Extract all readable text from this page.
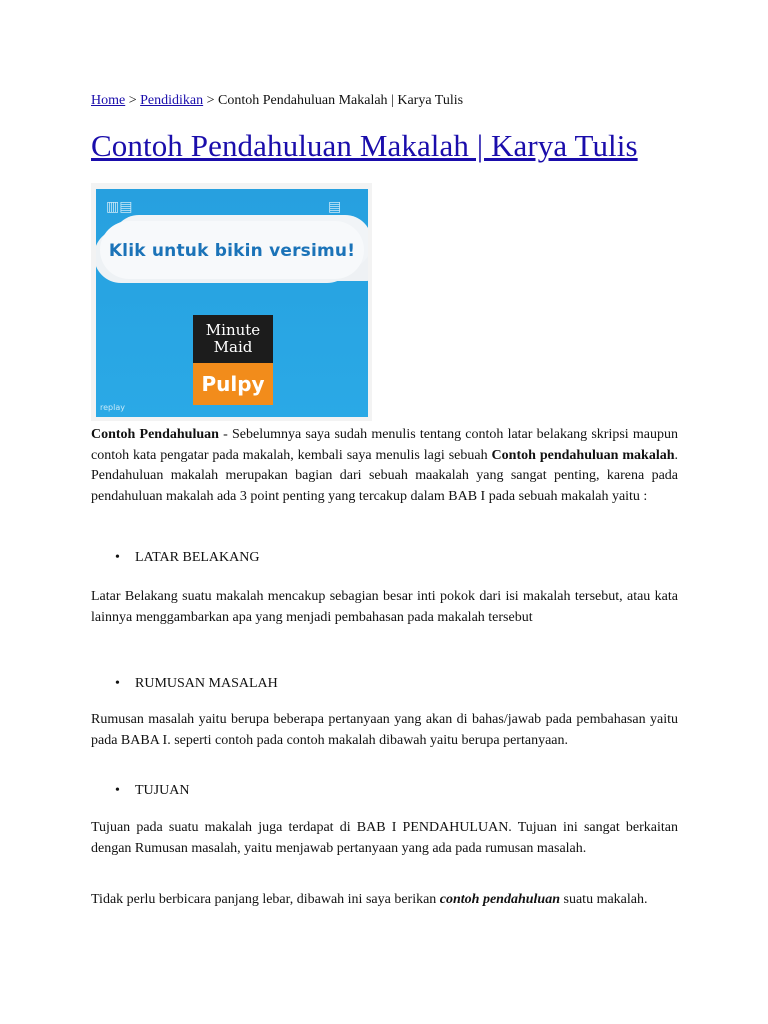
Home > Pendidikan > Contoh Pendahuluan Makalah | Karya Tulis
Contoh Pendahuluan Makalah | Karya Tulis
▥▤	▤
Klik untuk bikin versimu!
Minute
Maid
Pulpy
replay

Contoh Pendahuluan - Sebelumnya saya sudah menulis tentang contoh latar belakang skripsi maupun contoh kata pengatar pada makalah, kembali saya menulis lagi sebuah Contoh pendahuluan makalah. Pendahuluan makalah merupakan bagian dari sebuah maakalah yang sangat penting, karena pada pendahuluan makalah ada 3 point penting yang tercakup dalam BAB I pada sebuah makalah yaitu :

• LATAR BELAKANG

Latar Belakang suatu makalah mencakup sebagian besar inti pokok dari isi makalah tersebut, atau kata lainnya menggambarkan apa yang menjadi pembahasan pada makalah tersebut

• RUMUSAN MASALAH

Rumusan masalah yaitu berupa beberapa pertanyaan yang akan di bahas/jawab pada pembahasan yaitu pada BABA I. seperti contoh pada contoh makalah dibawah yaitu berupa pertanyaan.

• TUJUAN

Tujuan pada suatu makalah juga terdapat di BAB I PENDAHULUAN. Tujuan ini sangat berkaitan dengan Rumusan masalah, yaitu menjawab pertanyaan yang ada pada rumusan masalah.

Tidak perlu berbicara panjang lebar, dibawah ini saya berikan contoh pendahuluan suatu makalah.
